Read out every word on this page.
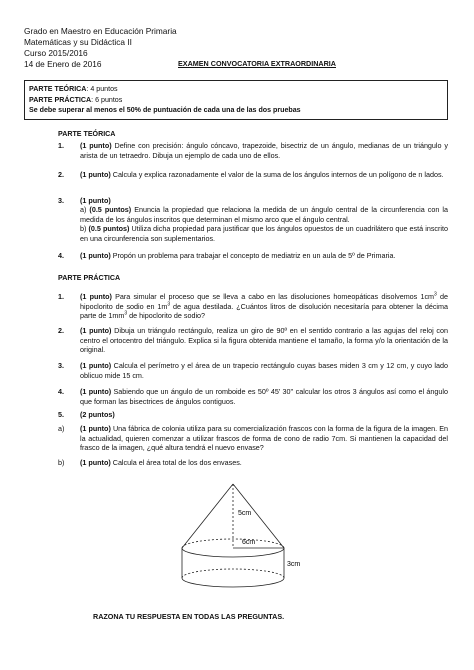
Grado en Maestro en Educación Primaria
Matemáticas y su Didáctica II
Curso 2015/2016
14 de Enero de 2016	EXAMEN CONVOCATORIA EXTRAORDINARIA
PARTE TEÓRICA: 4 puntos
PARTE PRÁCTICA: 6 puntos
Se debe superar al menos el 50% de puntuación de cada una de las dos pruebas
PARTE TEÓRICA
1. (1 punto) Define con precisión: ángulo cóncavo, trapezoide, bisectriz de un ángulo, medianas de un triángulo y arista de un tetraedro. Dibuja un ejemplo de cada uno de ellos.
2. (1 punto) Calcula y explica razonadamente el valor de la suma de los ángulos internos de un polígono de n lados.
3. (1 punto)
a) (0.5 puntos) Enuncia la propiedad que relaciona la medida de un ángulo central de la circunferencia con la medida de los ángulos inscritos que determinan el mismo arco que el ángulo central.
b) (0.5 puntos) Utiliza dicha propiedad para justificar que los ángulos opuestos de un cuadrilátero que está inscrito en una circunferencia son suplementarios.
4. (1 punto) Propón un problema para trabajar el concepto de mediatriz en un aula de 5º de Primaria.
PARTE PRÁCTICA
1. (1 punto) Para simular el proceso que se lleva a cabo en las disoluciones homeopáticas disolvemos $1cm^3$ de hipoclorito de sodio en $1m^3$ de agua destilada. ¿Cuántos litros de disolución necesitaría para obtener la décima parte de $1mm^3$ de hipoclorito de sodio?
2. (1 punto) Dibuja un triángulo rectángulo, realiza un giro de 90º en el sentido contrario a las agujas del reloj con centro el ortocentro del triángulo. Explica si la figura obtenida mantiene el tamaño, la forma y/o la orientación de la original.
3. (1 punto) Calcula el perímetro y el área de un trapecio rectángulo cuyas bases miden 3 cm y 12 cm, y cuyo lado oblicuo mide 15 cm.
4. (1 punto) Sabiendo que un ángulo de un romboide es 50º 45' 30'' calcular los otros 3 ángulos así como el ángulo que forman las bisectrices de ángulos contiguos.
5. (2 puntos)
a) (1 punto) Una fábrica de colonia utiliza para su comercialización frascos con la forma de la figura de la imagen. En la actualidad, quieren comenzar a utilizar frascos de forma de cono de radio 7cm. Si mantienen la capacidad del frasco de la imagen, ¿qué altura tendrá el nuevo envase?
b) (1 punto) Calcula el área total de los dos envases.
5cm
6cm
3cm
RAZONA TU RESPUESTA EN TODAS LAS PREGUNTAS.
